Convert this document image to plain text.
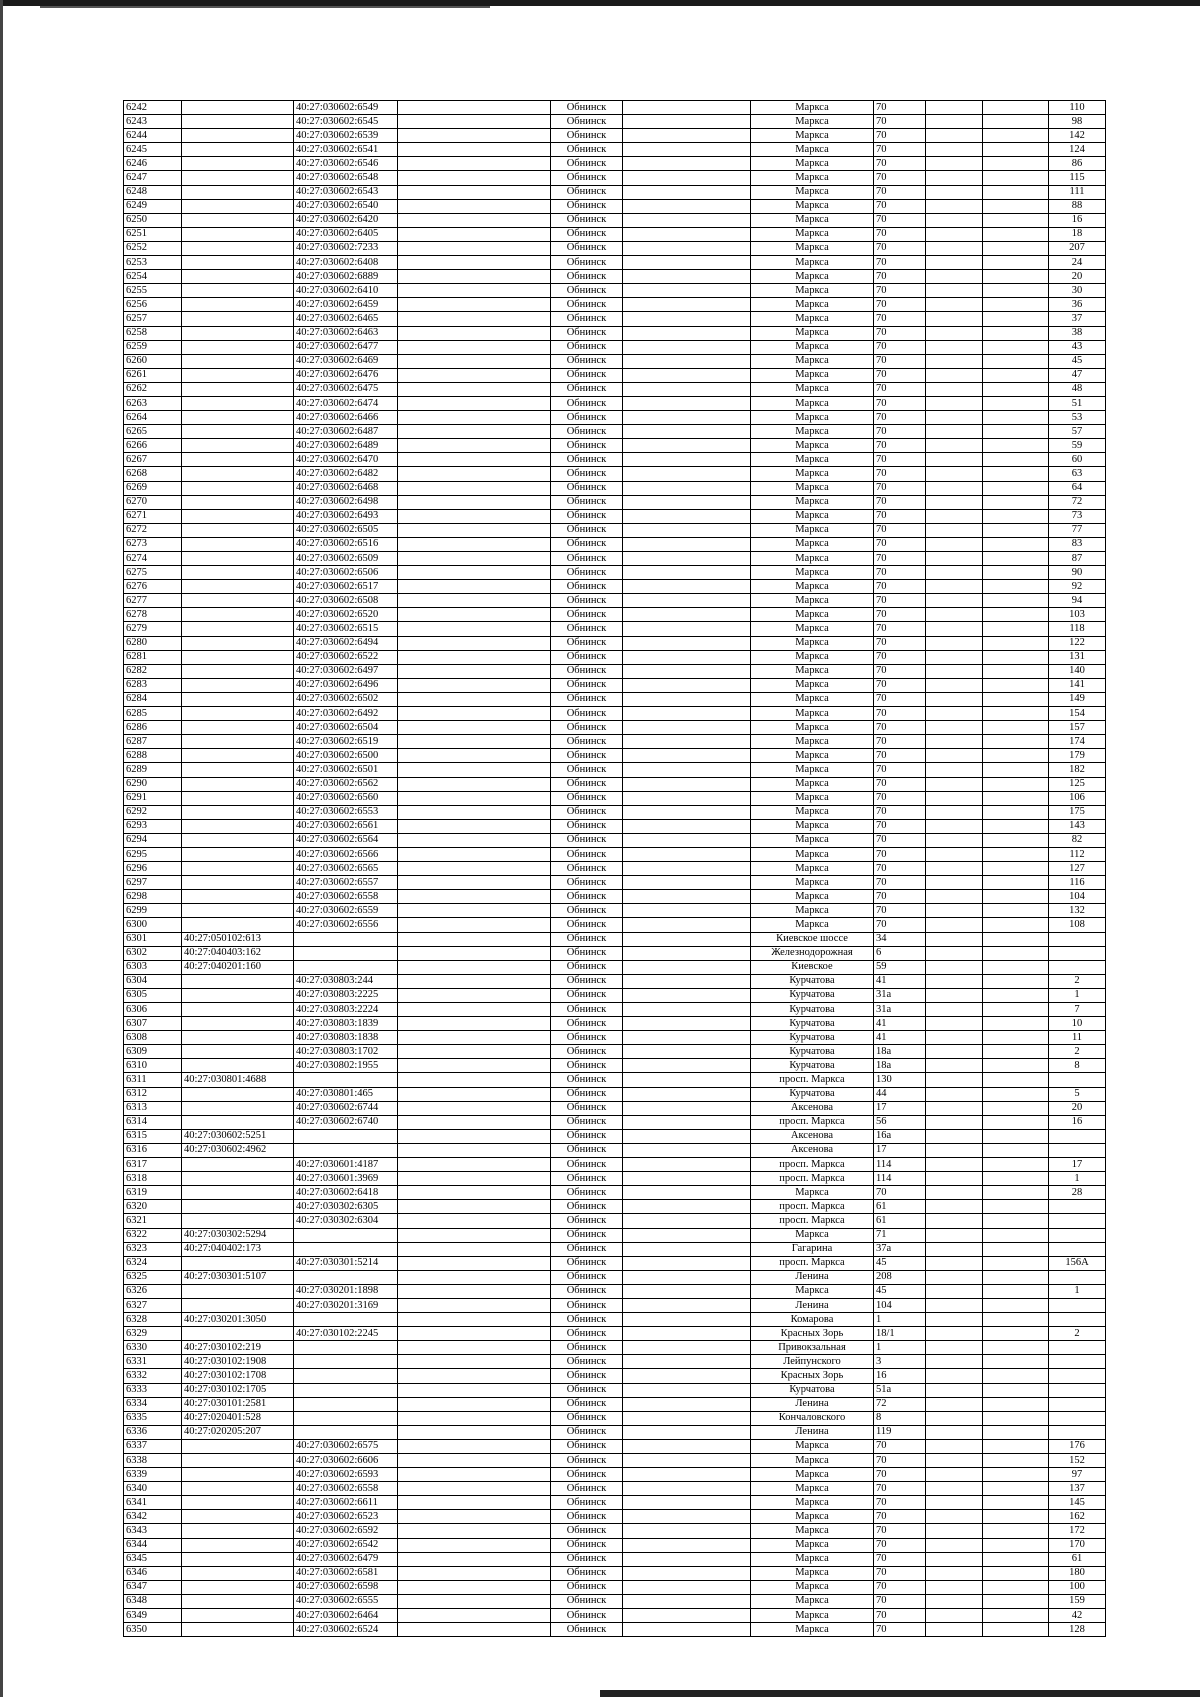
6242		40:27:030602:6549		Обнинск		Маркса	70			110
6243		40:27:030602:6545		Обнинск		Маркса	70			98
6244		40:27:030602:6539		Обнинск		Маркса	70			142
6245		40:27:030602:6541		Обнинск		Маркса	70			124
6246		40:27:030602:6546		Обнинск		Маркса	70			86
6247		40:27:030602:6548		Обнинск		Маркса	70			115
6248		40:27:030602:6543		Обнинск		Маркса	70			111
6249		40:27:030602:6540		Обнинск		Маркса	70			88
6250		40:27:030602:6420		Обнинск		Маркса	70			16
6251		40:27:030602:6405		Обнинск		Маркса	70			18
6252		40:27:030602:7233		Обнинск		Маркса	70			207
6253		40:27:030602:6408		Обнинск		Маркса	70			24
6254		40:27:030602:6889		Обнинск		Маркса	70			20
6255		40:27:030602:6410		Обнинск		Маркса	70			30
6256		40:27:030602:6459		Обнинск		Маркса	70			36
6257		40:27:030602:6465		Обнинск		Маркса	70			37
6258		40:27:030602:6463		Обнинск		Маркса	70			38
6259		40:27:030602:6477		Обнинск		Маркса	70			43
6260		40:27:030602:6469		Обнинск		Маркса	70			45
6261		40:27:030602:6476		Обнинск		Маркса	70			47
6262		40:27:030602:6475		Обнинск		Маркса	70			48
6263		40:27:030602:6474		Обнинск		Маркса	70			51
6264		40:27:030602:6466		Обнинск		Маркса	70			53
6265		40:27:030602:6487		Обнинск		Маркса	70			57
6266		40:27:030602:6489		Обнинск		Маркса	70			59
6267		40:27:030602:6470		Обнинск		Маркса	70			60
6268		40:27:030602:6482		Обнинск		Маркса	70			63
6269		40:27:030602:6468		Обнинск		Маркса	70			64
6270		40:27:030602:6498		Обнинск		Маркса	70			72
6271		40:27:030602:6493		Обнинск		Маркса	70			73
6272		40:27:030602:6505		Обнинск		Маркса	70			77
6273		40:27:030602:6516		Обнинск		Маркса	70			83
6274		40:27:030602:6509		Обнинск		Маркса	70			87
6275		40:27:030602:6506		Обнинск		Маркса	70			90
6276		40:27:030602:6517		Обнинск		Маркса	70			92
6277		40:27:030602:6508		Обнинск		Маркса	70			94
6278		40:27:030602:6520		Обнинск		Маркса	70			103
6279		40:27:030602:6515		Обнинск		Маркса	70			118
6280		40:27:030602:6494		Обнинск		Маркса	70			122
6281		40:27:030602:6522		Обнинск		Маркса	70			131
6282		40:27:030602:6497		Обнинск		Маркса	70			140
6283		40:27:030602:6496		Обнинск		Маркса	70			141
6284		40:27:030602:6502		Обнинск		Маркса	70			149
6285		40:27:030602:6492		Обнинск		Маркса	70			154
6286		40:27:030602:6504		Обнинск		Маркса	70			157
6287		40:27:030602:6519		Обнинск		Маркса	70			174
6288		40:27:030602:6500		Обнинск		Маркса	70			179
6289		40:27:030602:6501		Обнинск		Маркса	70			182
6290		40:27:030602:6562		Обнинск		Маркса	70			125
6291		40:27:030602:6560		Обнинск		Маркса	70			106
6292		40:27:030602:6553		Обнинск		Маркса	70			175
6293		40:27:030602:6561		Обнинск		Маркса	70			143
6294		40:27:030602:6564		Обнинск		Маркса	70			82
6295		40:27:030602:6566		Обнинск		Маркса	70			112
6296		40:27:030602:6565		Обнинск		Маркса	70			127
6297		40:27:030602:6557		Обнинск		Маркса	70			116
6298		40:27:030602:6558		Обнинск		Маркса	70			104
6299		40:27:030602:6559		Обнинск		Маркса	70			132
6300		40:27:030602:6556		Обнинск		Маркса	70			108
6301	40:27:050102:613			Обнинск		Киевское шоссе	34			
6302	40:27:040403:162			Обнинск		Железнодорожная	6			
6303	40:27:040201:160			Обнинск		Киевское	59			
6304		40:27:030803:244		Обнинск		Курчатова	41			2
6305		40:27:030803:2225		Обнинск		Курчатова	31а			1
6306		40:27:030803:2224		Обнинск		Курчатова	31а			7
6307		40:27:030803:1839		Обнинск		Курчатова	41			10
6308		40:27:030803:1838		Обнинск		Курчатова	41			11
6309		40:27:030803:1702		Обнинск		Курчатова	18а			2
6310		40:27:030802:1955		Обнинск		Курчатова	18а			8
6311	40:27:030801:4688			Обнинск		просп. Маркса	130			
6312		40:27:030801:465		Обнинск		Курчатова	44			5
6313		40:27:030602:6744		Обнинск		Аксенова	17			20
6314		40:27:030602:6740		Обнинск		просп. Маркса	56			16
6315	40:27:030602:5251			Обнинск		Аксенова	16а			
6316	40:27:030602:4962			Обнинск		Аксенова	17			
6317		40:27:030601:4187		Обнинск		просп. Маркса	114			17
6318		40:27:030601:3969		Обнинск		просп. Маркса	114			1
6319		40:27:030602:6418		Обнинск		Маркса	70			28
6320		40:27:030302:6305		Обнинск		просп. Маркса	61			
6321		40:27:030302:6304		Обнинск		просп. Маркса	61			
6322	40:27:030302:5294			Обнинск		Маркса	71			
6323	40:27:040402:173			Обнинск		Гагарина	37а			
6324		40:27:030301:5214		Обнинск		просп. Маркса	45			156А
6325	40:27:030301:5107			Обнинск		Ленина	208			
6326		40:27:030201:1898		Обнинск		Маркса	45			1
6327		40:27:030201:3169		Обнинск		Ленина	104			
6328	40:27:030201:3050			Обнинск		Комарова	1			
6329		40:27:030102:2245		Обнинск		Красных Зорь	18/1			2
6330	40:27:030102:219			Обнинск		Привокзальная	1			
6331	40:27:030102:1908			Обнинск		Лейпунского	3			
6332	40:27:030102:1708			Обнинск		Красных Зорь	16			
6333	40:27:030102:1705			Обнинск		Курчатова	51а			
6334	40:27:030101:2581			Обнинск		Ленина	72			
6335	40:27:020401:528			Обнинск		Кончаловского	8			
6336	40:27:020205:207			Обнинск		Ленина	119			
6337		40:27:030602:6575		Обнинск		Маркса	70			176
6338		40:27:030602:6606		Обнинск		Маркса	70			152
6339		40:27:030602:6593		Обнинск		Маркса	70			97
6340		40:27:030602:6558		Обнинск		Маркса	70			137
6341		40:27:030602:6611		Обнинск		Маркса	70			145
6342		40:27:030602:6523		Обнинск		Маркса	70			162
6343		40:27:030602:6592		Обнинск		Маркса	70			172
6344		40:27:030602:6542		Обнинск		Маркса	70			170
6345		40:27:030602:6479		Обнинск		Маркса	70			61
6346		40:27:030602:6581		Обнинск		Маркса	70			180
6347		40:27:030602:6598		Обнинск		Маркса	70			100
6348		40:27:030602:6555		Обнинск		Маркса	70			159
6349		40:27:030602:6464		Обнинск		Маркса	70			42
6350		40:27:030602:6524		Обнинск		Маркса	70			128
